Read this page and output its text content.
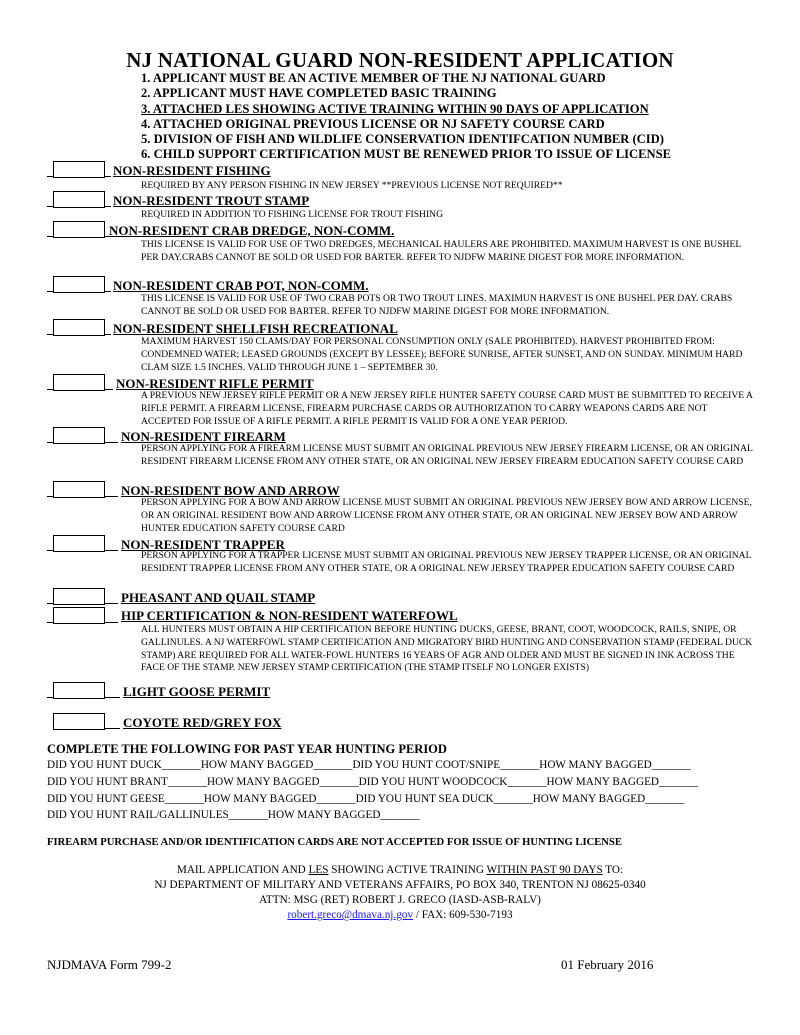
NJ NATIONAL GUARD NON-RESIDENT APPLICATION
1. APPLICANT MUST BE AN ACTIVE MEMBER OF THE NJ NATIONAL GUARD
2. APPLICANT MUST HAVE COMPLETED BASIC TRAINING
3. ATTACHED LES SHOWING ACTIVE TRAINING WITHIN 90 DAYS OF APPLICATION
4. ATTACHED ORIGINAL PREVIOUS LICENSE OR NJ SAFETY COURSE CARD
5. DIVISION OF FISH AND WILDLIFE CONSERVATION IDENTIFCATION NUMBER (CID)
6. CHILD SUPPORT CERTIFICATION MUST BE RENEWED PRIOR TO ISSUE OF LICENSE
NON-RESIDENT FISHING
REQUIRED BY ANY PERSON FISHING IN NEW JERSEY **PREVIOUS LICENSE NOT REQUIRED**
NON-RESIDENT TROUT STAMP
REQUIRED IN ADDITION TO FISHING LICENSE FOR TROUT FISHING
NON-RESIDENT CRAB DREDGE, NON-COMM.
THIS LICENSE IS VALID FOR USE OF TWO DREDGES, MECHANICAL HAULERS ARE PROHIBITED. MAXIMUM HARVEST IS ONE BUSHEL PER DAY.CRABS CANNOT BE SOLD OR USED FOR BARTER. REFER TO NJDFW MARINE DIGEST FOR MORE INFORMATION.
NON-RESIDENT CRAB POT, NON-COMM.
THIS LICENSE IS VALID FOR USE OF TWO CRAB POTS OR TWO TROUT LINES. MAXIMUN HARVEST IS ONE BUSHEL PER DAY. CRABS CANNOT BE SOLD OR USED FOR BARTER. REFER TO NJDFW MARINE DIGEST FOR MORE INFORMATION.
NON-RESIDENT SHELLFISH RECREATIONAL
MAXIMUM HARVEST 150 CLAMS/DAY FOR PERSONAL CONSUMPTION ONLY (SALE PROHIBITED). HARVEST PROHIBITED FROM: CONDEMNED WATER; LEASED GROUNDS (EXCEPT BY LESSEE); BEFORE SUNRISE, AFTER SUNSET, AND ON SUNDAY. MINIMUM HARD CLAM SIZE 1.5 INCHES. VALID THROUGH JUNE 1 – SEPTEMBER 30.
NON-RESIDENT RIFLE PERMIT
A PREVIOUS NEW JERSEY RIFLE PERMIT OR A NEW JERSEY RIFLE HUNTER SAFETY COURSE CARD MUST BE SUBMITTED TO RECEIVE A RIFLE PERMIT. A FIREARM LICENSE, FIREARM PURCHASE CARDS OR AUTHORIZATION TO CARRY WEAPONS CARDS ARE NOT ACCEPTED FOR ISSUE OF A RIFLE PERMIT. A RIFLE PERMIT IS VALID FOR A ONE YEAR PERIOD.
NON-RESIDENT FIREARM
PERSON APPLYING FOR A FIREARM LICENSE MUST SUBMIT AN ORIGINAL PREVIOUS NEW JERSEY FIREARM LICENSE, OR AN ORIGINAL RESIDENT FIREARM LICENSE FROM ANY OTHER STATE, OR AN ORIGINAL NEW JERSEY FIREARM EDUCATION SAFETY COURSE CARD
NON-RESIDENT BOW AND ARROW
PERSON APPLYING FOR A BOW AND ARROW LICENSE MUST SUBMIT AN ORIGINAL PREVIOUS NEW JERSEY BOW AND ARROW LICENSE, OR AN ORIGINAL RESIDENT BOW AND ARROW LICENSE FROM ANY OTHER STATE, OR AN ORIGINAL NEW JERSEY BOW AND ARROW HUNTER EDUCATION SAFETY COURSE CARD
NON-RESIDENT TRAPPER
PERSON APPLYING FOR A TRAPPER LICENSE MUST SUBMIT AN ORIGINAL PREVIOUS NEW JERSEY TRAPPER LICENSE, OR AN ORIGINAL RESIDENT TRAPPER LICENSE FROM ANY OTHER STATE, OR A ORIGINAL NEW JERSEY TRAPPER EDUCATION SAFETY COURSE CARD
PHEASANT AND QUAIL STAMP
HIP CERTIFICATION & NON-RESIDENT WATERFOWL
ALL HUNTERS MUST OBTAIN A HIP CERTIFICATION BEFORE HUNTING DUCKS, GEESE, BRANT, COOT, WOODCOCK, RAILS, SNIPE, OR GALLINULES. A NJ WATERFOWL STAMP CERTIFICATION AND MIGRATORY BIRD HUNTING AND CONSERVATION STAMP (FEDERAL DUCK STAMP) ARE REQUIRED FOR ALL WATER-FOWL HUNTERS 16 YEARS OF AGR AND OLDER AND MUST BE SIGNED IN INK ACROSS THE FACE OF THE STAMP. NEW JERSEY STAMP CERTIFICATION (THE STAMP ITSELF NO LONGER EXISTS)
LIGHT GOOSE PERMIT
COYOTE RED/GREY FOX
COMPLETE THE FOLLOWING FOR PAST YEAR HUNTING PERIOD
DID YOU HUNT DUCK_______HOW MANY BAGGED_______DID YOU HUNT COOT/SNIPE_______HOW MANY BAGGED_______
DID YOU HUNT BRANT_______HOW MANY BAGGED_______DID YOU HUNT WOODCOCK_______HOW MANY BAGGED_______
DID YOU HUNT GEESE_______HOW MANY BAGGED_______DID YOU HUNT SEA DUCK_______HOW MANY BAGGED_______
DID YOU HUNT RAIL/GALLINULES_______HOW MANY BAGGED_______
FIREARM PURCHASE AND/OR IDENTIFICATION CARDS ARE NOT ACCEPTED FOR ISSUE OF HUNTING LICENSE
MAIL APPLICATION AND LES SHOWING ACTIVE TRAINING WITHIN PAST 90 DAYS TO:
NJ DEPARTMENT OF MILITARY AND VETERANS AFFAIRS, PO BOX 340, TRENTON NJ 08625-0340
ATTN: MSG (RET) ROBERT J. GRECO (IASD-ASB-RALV)
robert.greco@dmava.nj.gov / FAX: 609-530-7193
NJDMAVA Form 799-2	01 February 2016
